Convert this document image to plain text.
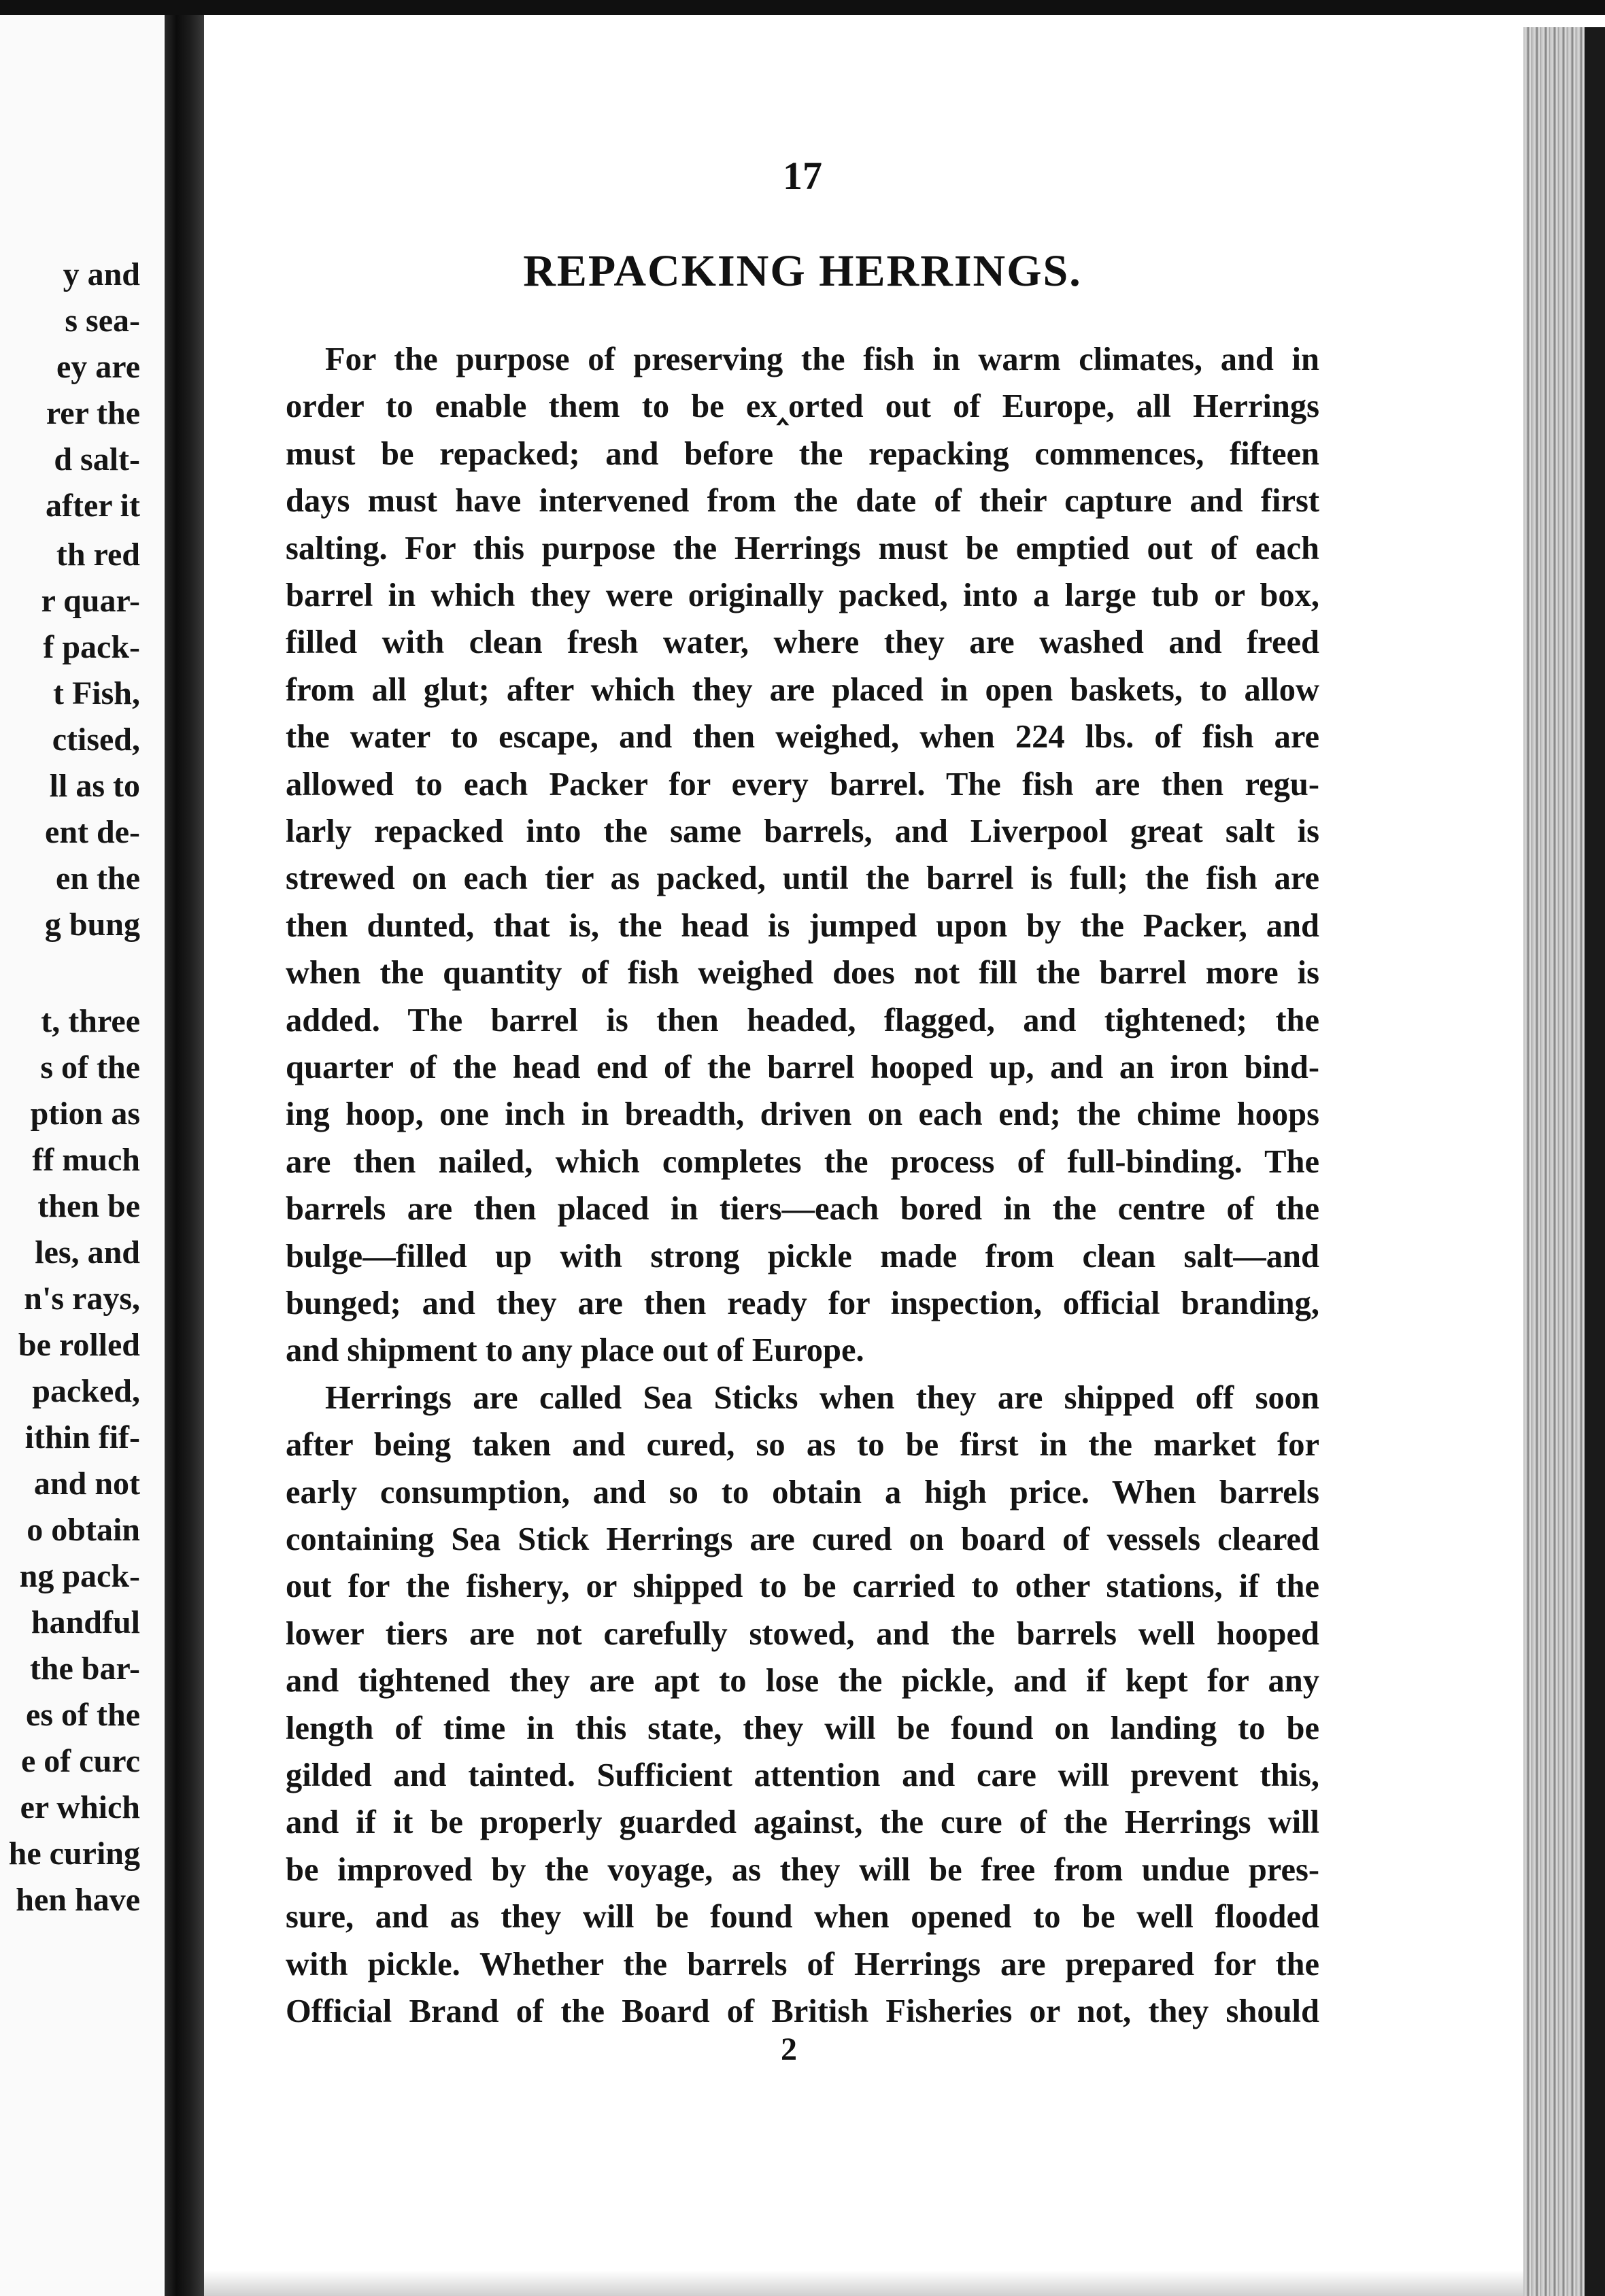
y and
s sea-
ey are
rer the
d salt-
after it
th red
r quar-
f pack-
t Fish,
ctised,
ll as to
ent de-
en the
g bung
t, three
s of the
ption as
ff much
then be
les, and
n's rays,
be rolled
packed,
ithin fif-
and not
o obtain
ng pack-
handful
the bar-
es of the
e of curc
er which
he curing
hen have
17
REPACKING HERRINGS.
For the purpose of preserving the fish in warm climates, and in
order to enable them to be ex‸orted out of Europe, all Herrings
must be repacked; and before the repacking commences, fifteen
days must have intervened from the date of their capture and first
salting. For this purpose the Herrings must be emptied out of each
barrel in which they were originally packed, into a large tub or box,
filled with clean fresh water, where they are washed and freed
from all glut; after which they are placed in open baskets, to allow
the water to escape, and then weighed, when 224 lbs. of fish are
allowed to each Packer for every barrel. The fish are then regu-
larly repacked into the same barrels, and Liverpool great salt is
strewed on each tier as packed, until the barrel is full; the fish are
then dunted, that is, the head is jumped upon by the Packer, and
when the quantity of fish weighed does not fill the barrel more is
added. The barrel is then headed, flagged, and tightened; the
quarter of the head end of the barrel hooped up, and an iron bind-
ing hoop, one inch in breadth, driven on each end; the chime hoops
are then nailed, which completes the process of full-binding. The
barrels are then placed in tiers—each bored in the centre of the
bulge—filled up with strong pickle made from clean salt—and
bunged; and they are then ready for inspection, official branding,
and shipment to any place out of Europe.
Herrings are called Sea Sticks when they are shipped off soon
after being taken and cured, so as to be first in the market for
early consumption, and so to obtain a high price. When barrels
containing Sea Stick Herrings are cured on board of vessels cleared
out for the fishery, or shipped to be carried to other stations, if the
lower tiers are not carefully stowed, and the barrels well hooped
and tightened they are apt to lose the pickle, and if kept for any
length of time in this state, they will be found on landing to be
gilded and tainted. Sufficient attention and care will prevent this,
and if it be properly guarded against, the cure of the Herrings will
be improved by the voyage, as they will be free from undue pres-
sure, and as they will be found when opened to be well flooded
with pickle. Whether the barrels of Herrings are prepared for the
Official Brand of the Board of British Fisheries or not, they should
2
